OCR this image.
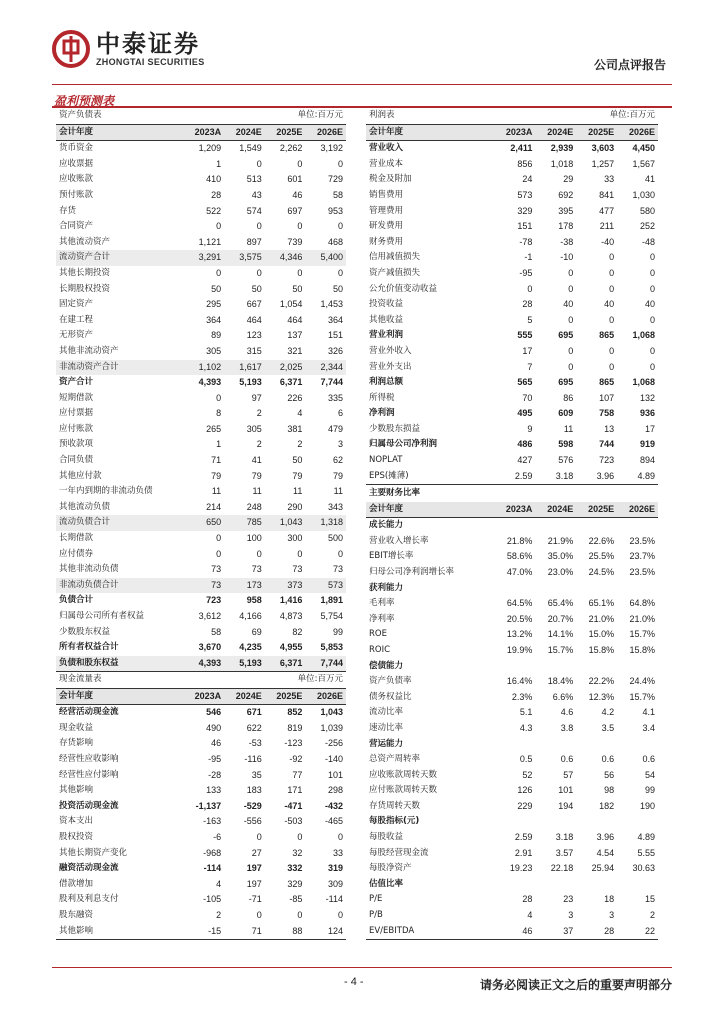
中泰证券
ZHONGTAI SECURITIES	公司点评报告
盈利预测表
资产负债表	单位:百万元			
会计年度	2023A	2024E	2025E	2026E
货币资金	1,209	1,549	2,262	3,192
应收票据	1	0	0	0
应收账款	410	513	601	729
预付账款	28	43	46	58
存货	522	574	697	953
合同资产	0	0	0	0
其他流动资产	1,121	897	739	468
流动资产合计	3,291	3,575	4,346	5,400
其他长期投资	0	0	0	0
长期股权投资	50	50	50	50
固定资产	295	667	1,054	1,453
在建工程	364	464	464	364
无形资产	89	123	137	151
其他非流动资产	305	315	321	326
非流动资产合计	1,102	1,617	2,025	2,344
资产合计	4,393	5,193	6,371	7,744
短期借款	0	97	226	335
应付票据	8	2	4	6
应付账款	265	305	381	479
预收款项	1	2	2	3
合同负债	71	41	50	62
其他应付款	79	79	79	79
一年内到期的非流动负债	11	11	11	11
其他流动负债	214	248	290	343
流动负债合计	650	785	1,043	1,318
长期借款	0	100	300	500
应付债券	0	0	0	0
其他非流动负债	73	73	73	73
非流动负债合计	73	173	373	573
负债合计	723	958	1,416	1,891
归属母公司所有者权益	3,612	4,166	4,873	5,754
少数股东权益	58	69	82	99
所有者权益合计	3,670	4,235	4,955	5,853
负债和股东权益	4,393	5,193	6,371	7,744
现金流量表	单位:百万元			
会计年度	2023A	2024E	2025E	2026E
经营活动现金流	546	671	852	1,043
现金收益	490	622	819	1,039
存货影响	46	-53	-123	-256
经营性应收影响	-95	-116	-92	-140
经营性应付影响	-28	35	77	101
其他影响	133	183	171	298
投资活动现金流	-1,137	-529	-471	-432
资本支出	-163	-556	-503	-465
股权投资	-6	0	0	0
其他长期资产变化	-968	27	32	33
融资活动现金流	-114	197	332	319
借款增加	4	197	329	309
股利及利息支付	-105	-71	-85	-114
股东融资	2	0	0	0
其他影响	-15	71	88	124
利润表	单位:百万元			
会计年度	2023A	2024E	2025E	2026E
营业收入	2,411	2,939	3,603	4,450
营业成本	856	1,018	1,257	1,567
税金及附加	24	29	33	41
销售费用	573	692	841	1,030
管理费用	329	395	477	580
研发费用	151	178	211	252
财务费用	-78	-38	-40	-48
信用减值损失	-1	-10	0	0
资产减值损失	-95	0	0	0
公允价值变动收益	0	0	0	0
投资收益	28	40	40	40
其他收益	5	0	0	0
营业利润	555	695	865	1,068
营业外收入	17	0	0	0
营业外支出	7	0	0	0
利润总额	565	695	865	1,068
所得税	70	86	107	132
净利润	495	609	758	936
少数股东损益	9	11	13	17
归属母公司净利润	486	598	744	919
NOPLAT	427	576	723	894
EPS(摊薄)	2.59	3.18	3.96	4.89
主要财务比率				
会计年度	2023A	2024E	2025E	2026E
成长能力				
营业收入增长率	21.8%	21.9%	22.6%	23.5%
EBIT增长率	58.6%	35.0%	25.5%	23.7%
归母公司净利润增长率	47.0%	23.0%	24.5%	23.5%
获利能力				
毛利率	64.5%	65.4%	65.1%	64.8%
净利率	20.5%	20.7%	21.0%	21.0%
ROE	13.2%	14.1%	15.0%	15.7%
ROIC	19.9%	15.7%	15.8%	15.8%
偿债能力				
资产负债率	16.4%	18.4%	22.2%	24.4%
债务权益比	2.3%	6.6%	12.3%	15.7%
流动比率	5.1	4.6	4.2	4.1
速动比率	4.3	3.8	3.5	3.4
营运能力				
总资产周转率	0.5	0.6	0.6	0.6
应收账款周转天数	52	57	56	54
应付账款周转天数	126	101	98	99
存货周转天数	229	194	182	190
每股指标(元)				
每股收益	2.59	3.18	3.96	4.89
每股经营现金流	2.91	3.57	4.54	5.55
每股净资产	19.23	22.18	25.94	30.63
估值比率				
P/E	28	23	18	15
P/B	4	3	3	2
EV/EBITDA	46	37	28	22
- 4 -	请务必阅读正文之后的重要声明部分
